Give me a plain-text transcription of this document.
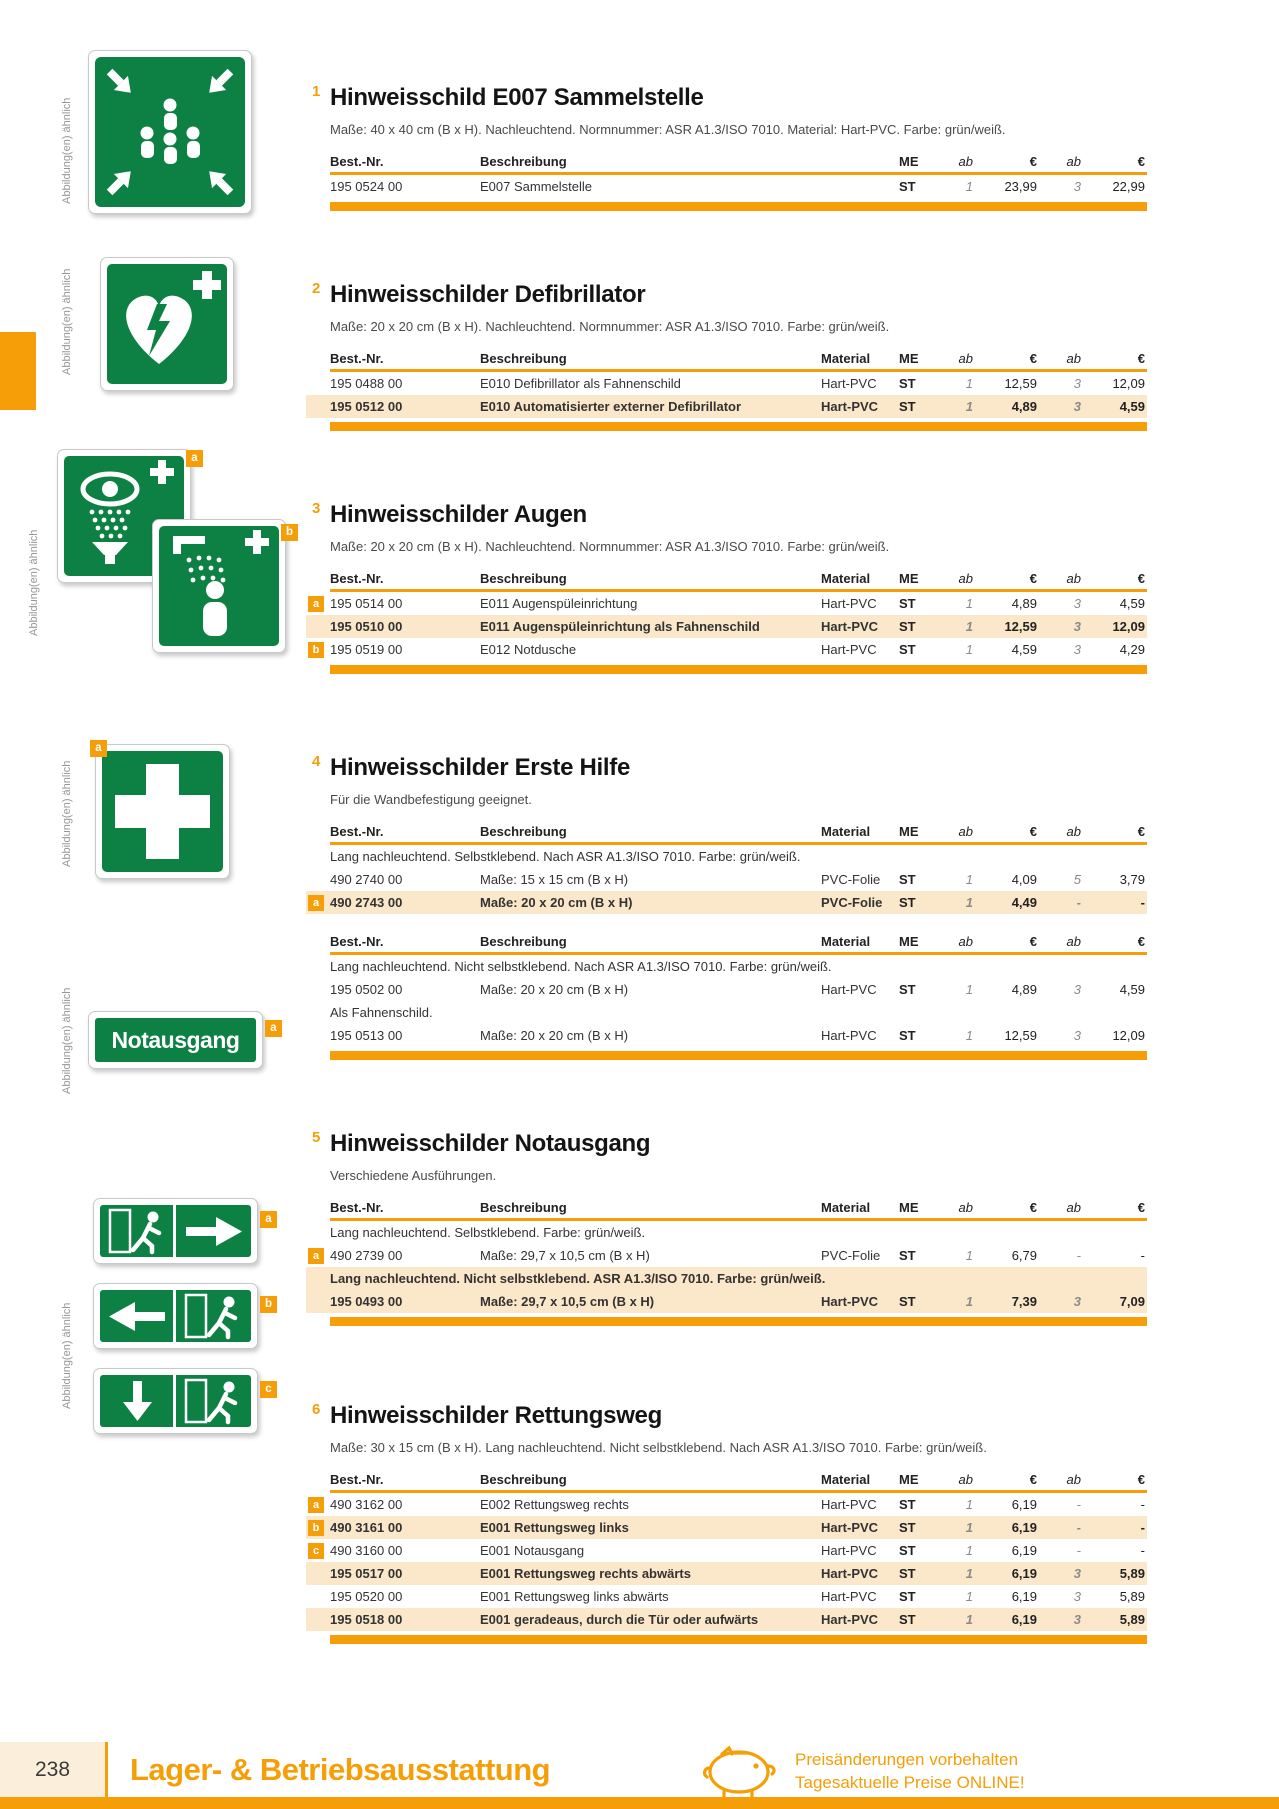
a
b
a
a
Notausgang
a
b
c
1 Hinweisschild E007 Sammelstelle

Maße: 40 x 40 cm (B x H). Nachleuchtend. Normnummer: ASR A1.3/ISO 7010. Material: Hart-PVC. Farbe: grün/weiß.

Best.-Nr.	Beschreibung	ME	ab	€	ab	€
195 0524 00	E007 Sammelstelle	ST	1	23,99	3	22,99
2 Hinweisschilder Defibrillator

Maße: 20 x 20 cm (B x H). Nachleuchtend. Normnummer: ASR A1.3/ISO 7010. Farbe: grün/weiß.

Best.-Nr.	Beschreibung	Material	ME	ab	€	ab	€
195 0488 00	E010 Defibrillator als Fahnenschild	Hart-PVC	ST	1	12,59	3	12,09
195 0512 00	E010 Automatisierter externer Defibrillator	Hart-PVC	ST	1	4,89	3	4,59
3 Hinweisschilder Augen

Maße: 20 x 20 cm (B x H). Nachleuchtend. Normnummer: ASR A1.3/ISO 7010. Farbe: grün/weiß.

Best.-Nr.	Beschreibung	Material	ME	ab	€	ab	€
a 195 0514 00	E011 Augenspüleinrichtung	Hart-PVC	ST	1	4,89	3	4,59
195 0510 00	E011 Augenspüleinrichtung als Fahnenschild	Hart-PVC	ST	1	12,59	3	12,09
b 195 0519 00	E012 Notdusche	Hart-PVC	ST	1	4,59	3	4,29
4 Hinweisschilder Erste Hilfe

Für die Wandbefestigung geeignet.

Best.-Nr.	Beschreibung	Material	ME	ab	€	ab	€
Lang nachleuchtend. Selbstklebend. Nach ASR A1.3/ISO 7010. Farbe: grün/weiß.
490 2740 00	Maße: 15 x 15 cm (B x H)	PVC-Folie	ST	1	4,09	5	3,79
a 490 2743 00	Maße: 20 x 20 cm (B x H)	PVC-Folie	ST	1	4,49	-	-
Best.-Nr.	Beschreibung	Material	ME	ab	€	ab	€
Lang nachleuchtend. Nicht selbstklebend. Nach ASR A1.3/ISO 7010. Farbe: grün/weiß.
195 0502 00	Maße: 20 x 20 cm (B x H)	Hart-PVC	ST	1	4,89	3	4,59
Als Fahnenschild.
195 0513 00	Maße: 20 x 20 cm (B x H)	Hart-PVC	ST	1	12,59	3	12,09
5 Hinweisschilder Notausgang

Verschiedene Ausführungen.

Best.-Nr.	Beschreibung	Material	ME	ab	€	ab	€
Lang nachleuchtend. Selbstklebend. Farbe: grün/weiß.
a 490 2739 00	Maße: 29,7 x 10,5 cm (B x H)	PVC-Folie	ST	1	6,79	-	-
Lang nachleuchtend. Nicht selbstklebend. ASR A1.3/ISO 7010. Farbe: grün/weiß.
195 0493 00	Maße: 29,7 x 10,5 cm (B x H)	Hart-PVC	ST	1	7,39	3	7,09
6 Hinweisschilder Rettungsweg

Maße: 30 x 15 cm (B x H). Lang nachleuchtend. Nicht selbstklebend. Nach ASR A1.3/ISO 7010. Farbe: grün/weiß.

Best.-Nr.	Beschreibung	Material	ME	ab	€	ab	€
a 490 3162 00	E002 Rettungsweg rechts	Hart-PVC	ST	1	6,19	-	-
b 490 3161 00	E001 Rettungsweg links	Hart-PVC	ST	1	6,19	-	-
c 490 3160 00	E001 Notausgang	Hart-PVC	ST	1	6,19	-	-
195 0517 00	E001 Rettungsweg rechts abwärts	Hart-PVC	ST	1	6,19	3	5,89
195 0520 00	E001 Rettungsweg links abwärts	Hart-PVC	ST	1	6,19	3	5,89
195 0518 00	E001 geradeaus, durch die Tür oder aufwärts	Hart-PVC	ST	1	6,19	3	5,89
238	Lager- & Betriebsausstattung	Preisänderungen vorbehalten
Tagesaktuelle Preise ONLINE!
Abbildung(en) ähnlich
Abbildung(en) ähnlich
Abbildung(en) ähnlich
Abbildung(en) ähnlich
Abbildung(en) ähnlich
Abbildung(en) ähnlich
